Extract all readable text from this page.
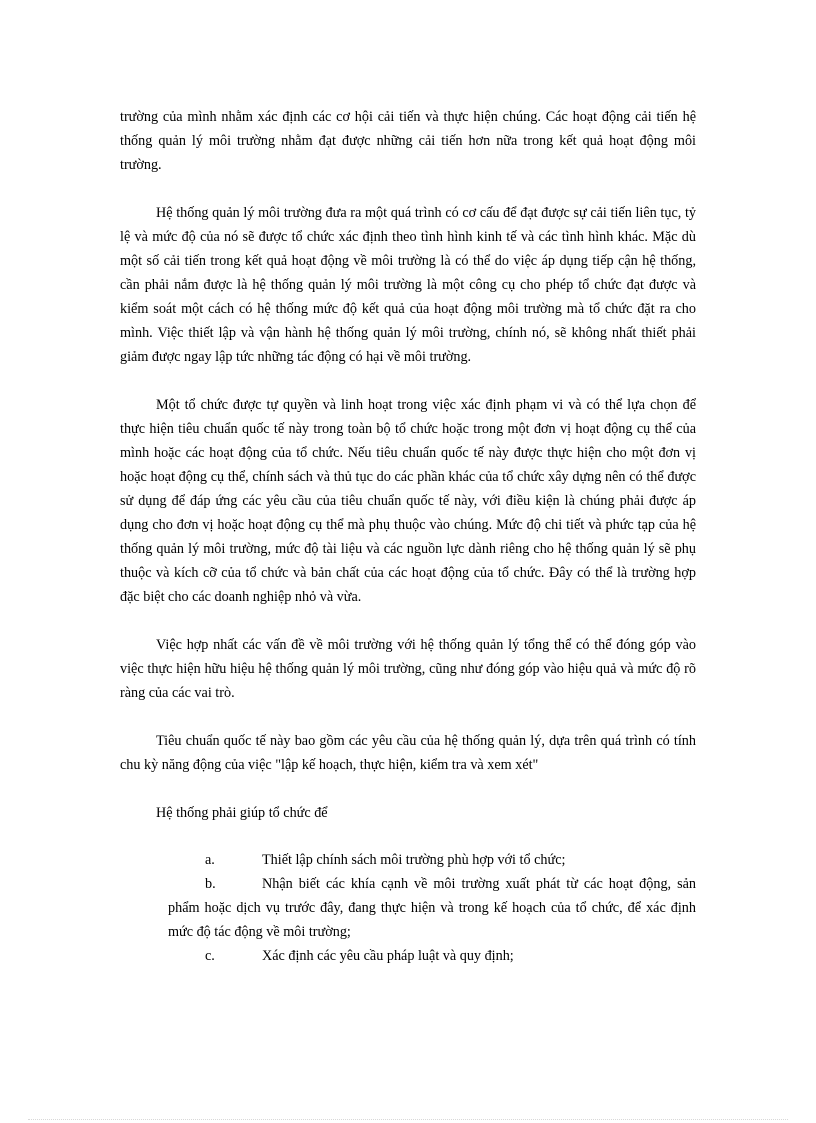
trường của mình nhằm xác định các cơ hội cải tiến và thực hiện chúng. Các hoạt động cải tiến hệ thống quản lý môi trường nhằm đạt được những cải tiến hơn nữa trong kết quả hoạt động môi trường.

Hệ thống quản lý môi trường đưa ra một quá trình có cơ cấu để đạt được sự cải tiến liên tục, tỷ lệ và mức độ của nó sẽ được tổ chức xác định theo tình hình kinh tế và các tình hình khác. Mặc dù một số cải tiến trong kết quả hoạt động về môi trường là có thể do việc áp dụng tiếp cận hệ thống, cần phải nắm được là hệ thống quản lý môi trường là một công cụ cho phép tổ chức đạt được và kiểm soát một cách có hệ thống mức độ kết quả của hoạt động môi trường mà tổ chức đặt ra cho mình. Việc thiết lập và vận hành hệ thống quản lý môi trường, chính nó, sẽ không nhất thiết phải giảm được ngay lập tức những tác động có hại về môi trường.

Một tổ chức được tự quyền và linh hoạt trong việc xác định phạm vi và có thể lựa chọn để thực hiện tiêu chuẩn quốc tế này trong toàn bộ tổ chức hoặc trong một đơn vị hoạt động cụ thể của mình hoặc các hoạt động của tổ chức. Nếu tiêu chuẩn quốc tế này được thực hiện cho một đơn vị hoặc hoạt động cụ thể, chính sách và thủ tục do các phần khác của tổ chức xây dựng nên có thể được sử dụng để đáp ứng các yêu cầu của tiêu chuẩn quốc tế này, với điều kiện là chúng phải được áp dụng cho đơn vị hoặc hoạt động cụ thể mà phụ thuộc vào chúng. Mức độ chi tiết và phức tạp của hệ thống quản lý môi trường, mức độ tài liệu và các nguồn lực dành riêng cho hệ thống quản lý sẽ phụ thuộc và kích cỡ của tổ chức và bản chất của các hoạt động của tổ chức. Đây có thể là trường hợp đặc biệt cho các doanh nghiệp nhỏ và vừa.

Việc hợp nhất các vấn đề về môi trường với hệ thống quản lý tổng thể có thể đóng góp vào việc thực hiện hữu hiệu hệ thống quản lý môi trường, cũng như đóng góp vào hiệu quả và mức độ rõ ràng của các vai trò.

Tiêu chuẩn quốc tế này bao gồm các yêu cầu của hệ thống quản lý, dựa trên quá trình có tính chu kỳ năng động của việc "lập kế hoạch, thực hiện, kiểm tra và xem xét"

Hệ thống phải giúp tổ chức để

a.	Thiết lập chính sách môi trường phù hợp với tổ chức;

b.	Nhận biết các khía cạnh về môi trường xuất phát từ các hoạt động, sản phẩm hoặc dịch vụ trước đây, đang thực hiện và trong kế hoạch của tổ chức, để xác định mức độ tác động về môi trường;

c.	Xác định các yêu cầu pháp luật và quy định;
